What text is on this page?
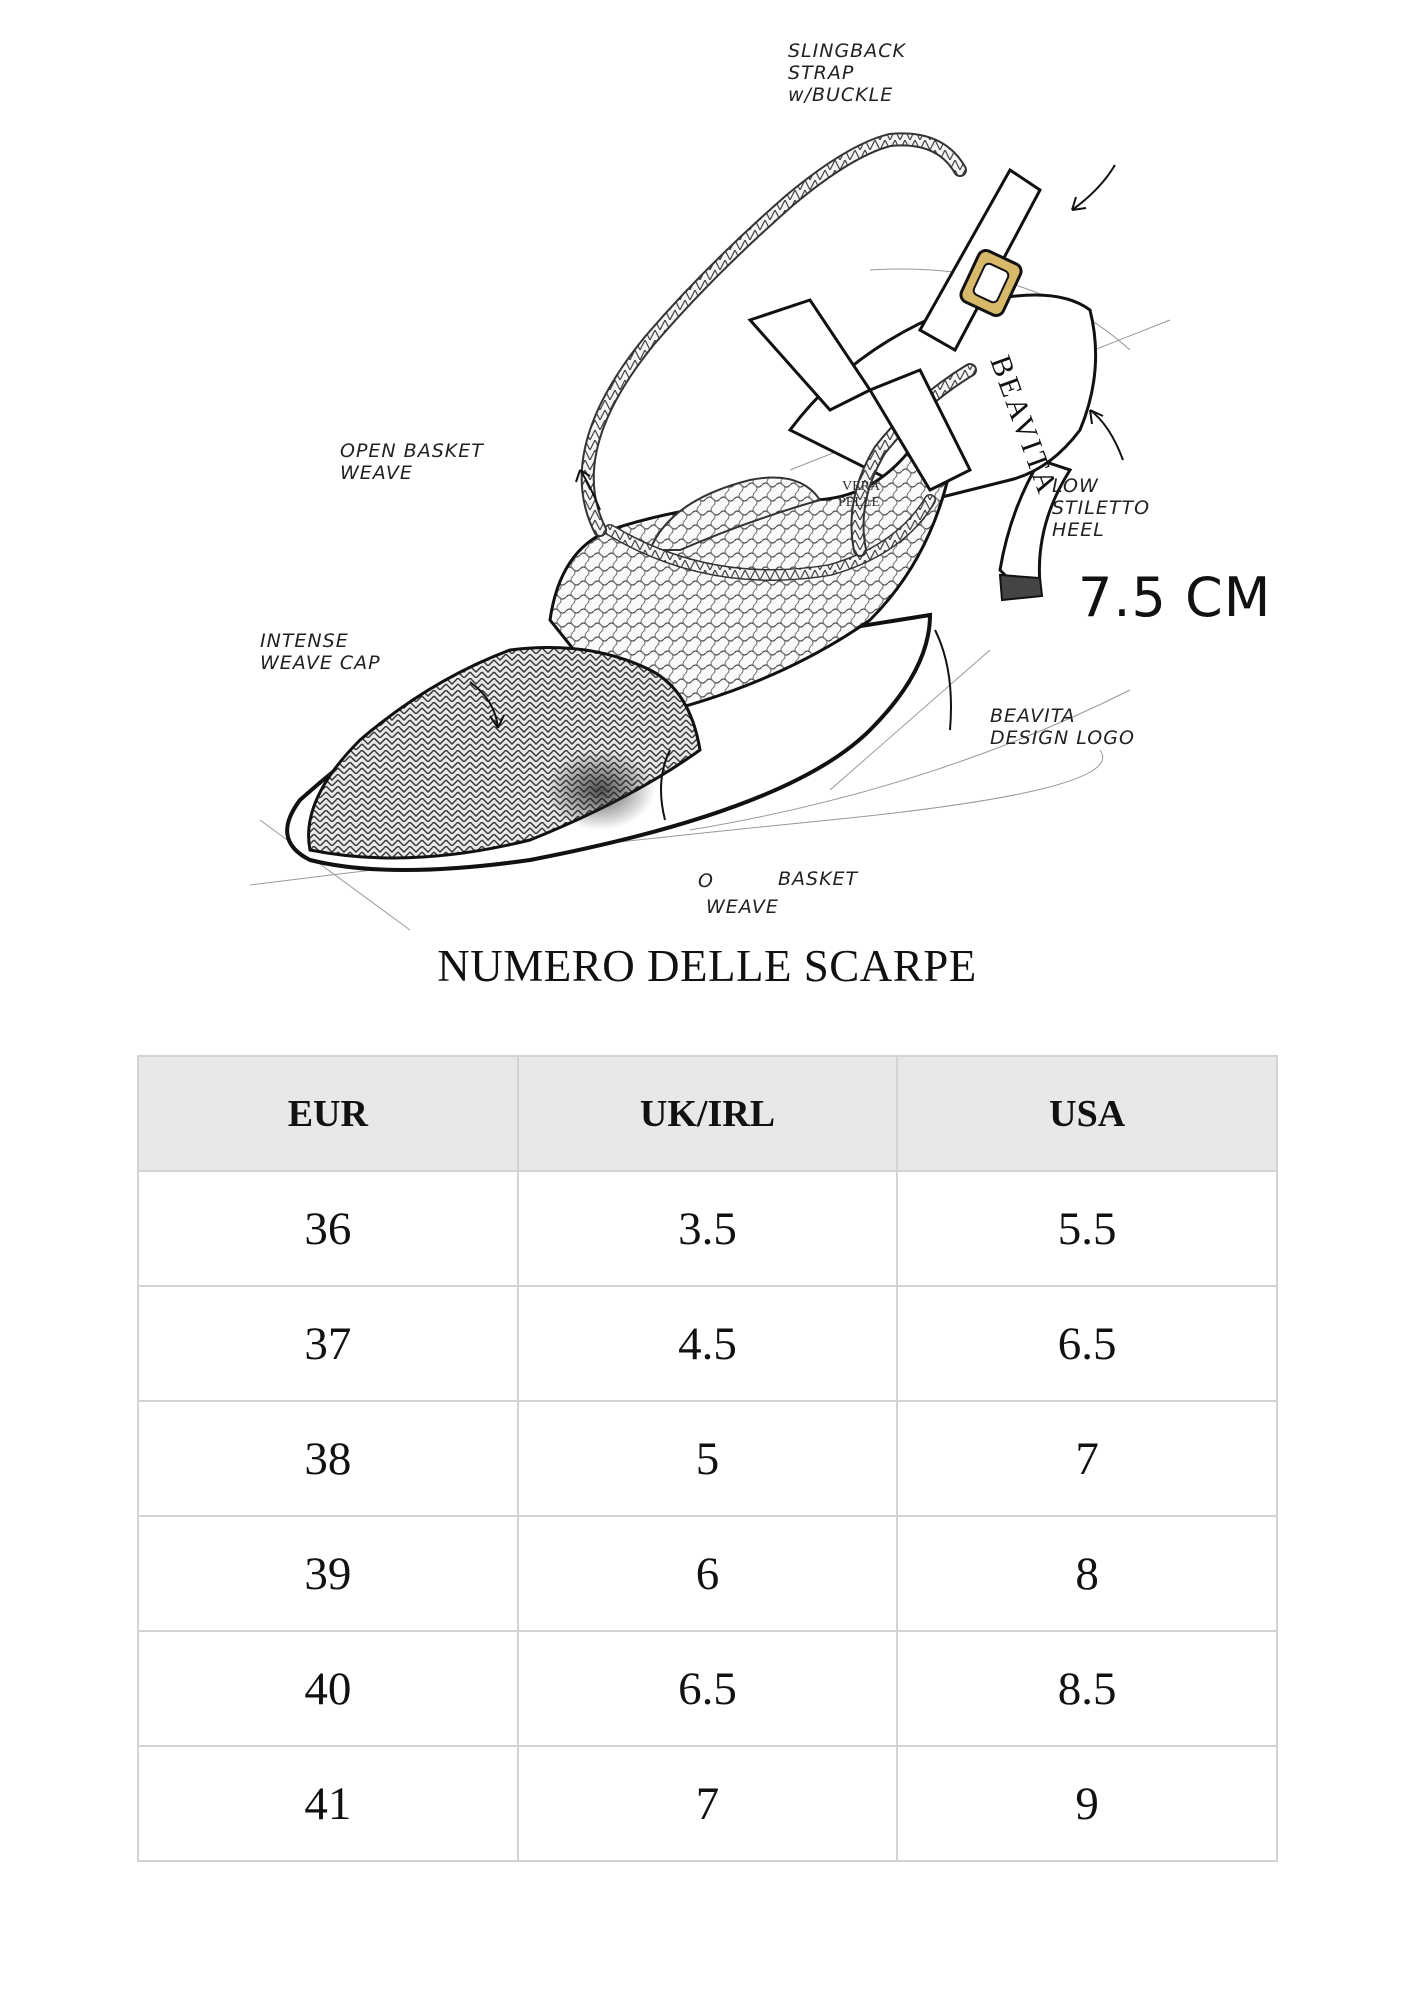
BEAVITA
VERA PELLE
SLINGBACK
STRAP
w/BUCKLE
OPEN BASKET
WEAVE
LOW
STILETTO
HEEL
INTENSE
WEAVE CAP
BEAVITA
DESIGN LOGO
O	BASKET
WEAVE
7.5 CM
NUMERO DELLE SCARPE
EUR	UK/IRL	USA
36	3.5	5.5
37	4.5	6.5
38	5	7
39	6	8
40	6.5	8.5
41	7	9
